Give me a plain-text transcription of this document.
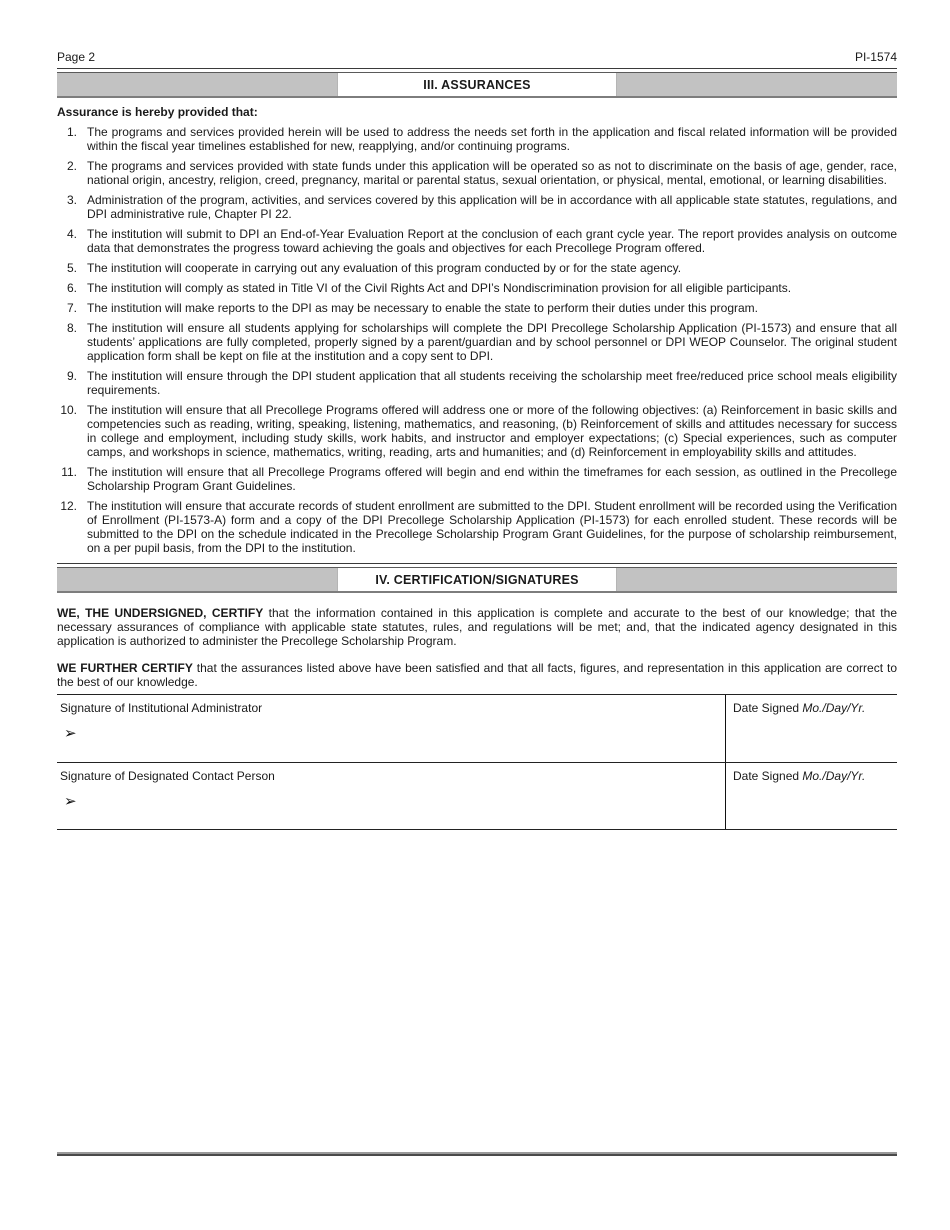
Page 2	PI-1574
III. ASSURANCES
Assurance is hereby provided that:
1. The programs and services provided herein will be used to address the needs set forth in the application and fiscal related information will be provided within the fiscal year timelines established for new, reapplying, and/or continuing programs.
2. The programs and services provided with state funds under this application will be operated so as not to discriminate on the basis of age, gender, race, national origin, ancestry, religion, creed, pregnancy, marital or parental status, sexual orientation, or physical, mental, emotional, or learning disabilities.
3. Administration of the program, activities, and services covered by this application will be in accordance with all applicable state statutes, regulations, and DPI administrative rule, Chapter PI 22.
4. The institution will submit to DPI an End-of-Year Evaluation Report at the conclusion of each grant cycle year. The report provides analysis on outcome data that demonstrates the progress toward achieving the goals and objectives for each Precollege Program offered.
5. The institution will cooperate in carrying out any evaluation of this program conducted by or for the state agency.
6. The institution will comply as stated in Title VI of the Civil Rights Act and DPI’s Nondiscrimination provision for all eligible participants.
7. The institution will make reports to the DPI as may be necessary to enable the state to perform their duties under this program.
8. The institution will ensure all students applying for scholarships will complete the DPI Precollege Scholarship Application (PI-1573) and ensure that all students’ applications are fully completed, properly signed by a parent/guardian and by school personnel or DPI WEOP Counselor. The original student application form shall be kept on file at the institution and a copy sent to DPI.
9. The institution will ensure through the DPI student application that all students receiving the scholarship meet free/reduced price school meals eligibility requirements.
10. The institution will ensure that all Precollege Programs offered will address one or more of the following objectives: (a) Reinforcement in basic skills and competencies such as reading, writing, speaking, listening, mathematics, and reasoning, (b) Reinforcement of skills and attitudes necessary for success in college and employment, including study skills, work habits, and instructor and employer expectations; (c) Special experiences, such as computer camps, and workshops in science, mathematics, writing, reading, arts and humanities; and (d) Reinforcement in employability skills and attitudes.
11. The institution will ensure that all Precollege Programs offered will begin and end within the timeframes for each session, as outlined in the Precollege Scholarship Program Grant Guidelines.
12. The institution will ensure that accurate records of student enrollment are submitted to the DPI. Student enrollment will be recorded using the Verification of Enrollment (PI-1573-A) form and a copy of the DPI Precollege Scholarship Application (PI-1573) for each enrolled student. These records will be submitted to the DPI on the schedule indicated in the Precollege Scholarship Program Grant Guidelines, for the purpose of scholarship reimbursement, on a per pupil basis, from the DPI to the institution.
IV. CERTIFICATION/SIGNATURES

WE, THE UNDERSIGNED, CERTIFY that the information contained in this application is complete and accurate to the best of our knowledge; that the necessary assurances of compliance with applicable state statutes, rules, and regulations will be met; and, that the indicated agency designated in this application is authorized to administer the Precollege Scholarship Program.

WE FURTHER CERTIFY that the assurances listed above have been satisfied and that all facts, figures, and representation in this application are correct to the best of our knowledge.

Signature of Institutional Administrator
➢
Date Signed Mo./Day/Yr.
Signature of Designated Contact Person
➢
Date Signed Mo./Day/Yr.
